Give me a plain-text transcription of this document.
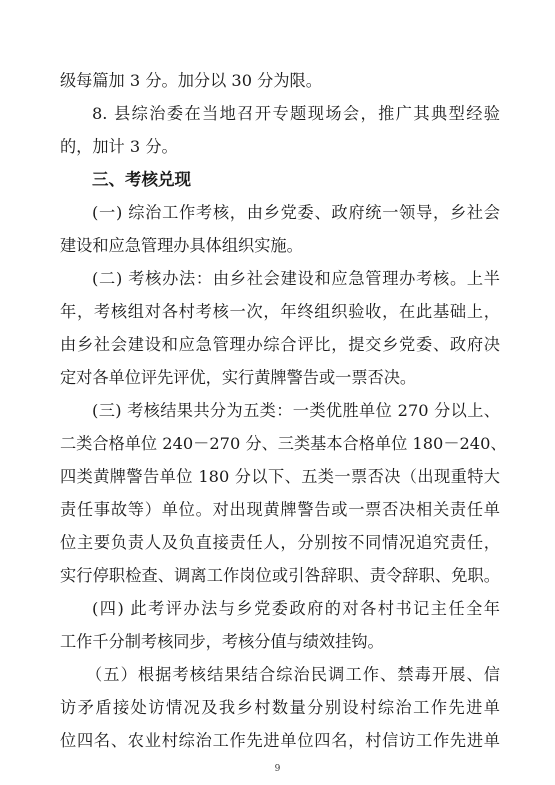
级每篇加 3 分。加分以 30 分为限。
8. 县综治委在当地召开专题现场会，推广其典型经验
的，加计 3 分。
三、考核兑现
(一) 综治工作考核，由乡党委、政府统一领导，乡社会
建设和应急管理办具体组织实施。
(二) 考核办法：由乡社会建设和应急管理办考核。上半
年，考核组对各村考核一次，年终组织验收，在此基础上，
由乡社会建设和应急管理办综合评比，提交乡党委、政府决
定对各单位评先评优，实行黄牌警告或一票否决。
(三) 考核结果共分为五类：一类优胜单位 270 分以上、
二类合格单位 240－270 分、三类基本合格单位 180－240、
四类黄牌警告单位 180 分以下、五类一票否决（出现重特大
责任事故等）单位。对出现黄牌警告或一票否决相关责任单
位主要负责人及负直接责任人，分别按不同情况追究责任，
实行停职检查、调离工作岗位或引咎辞职、责令辞职、免职。
(四) 此考评办法与乡党委政府的对各村书记主任全年
工作千分制考核同步，考核分值与绩效挂钩。
（五）根据考核结果结合综治民调工作、禁毒开展、信
访矛盾接处访情况及我乡村数量分别设村综治工作先进单
位四名、农业村综治工作先进单位四名，村信访工作先进单
9
